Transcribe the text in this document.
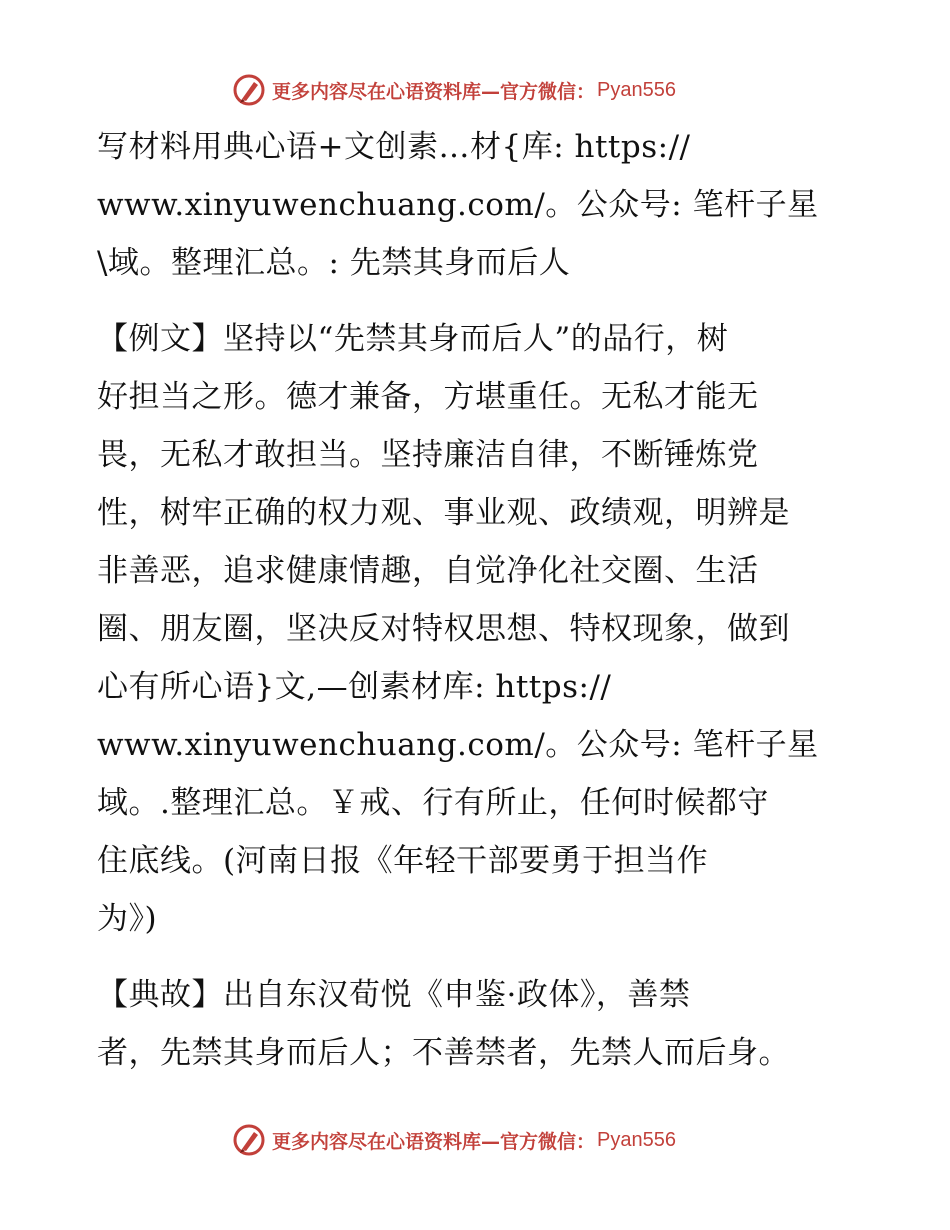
更多内容尽在心语资料库—官方微信： Pyan556
写材料用典心语+文创素…材{库: https://
www.xinyuwenchuang.com/。公众号: 笔杆子星
\域。整理汇总。: 先禁其身而后人
【例文】坚持以“先禁其身而后人”的品行，树
好担当之形。德才兼备，方堪重任。无私才能无
畏，无私才敢担当。坚持廉洁自律，不断锤炼党
性，树牢正确的权力观、事业观、政绩观，明辨是
非善恶，追求健康情趣，自觉净化社交圈、生活
圈、朋友圈，坚决反对特权思想、特权现象，做到
心有所心语}文,—创素材库: https://
www.xinyuwenchuang.com/。公众号: 笔杆子星
域。.整理汇总。￥戒、行有所止，任何时候都守
住底线。(河南日报《年轻干部要勇于担当作
为》)
【典故】出自东汉荀悦《申鉴·政体》，善禁
者，先禁其身而后人；不善禁者，先禁人而后身。
更多内容尽在心语资料库—官方微信： Pyan556
